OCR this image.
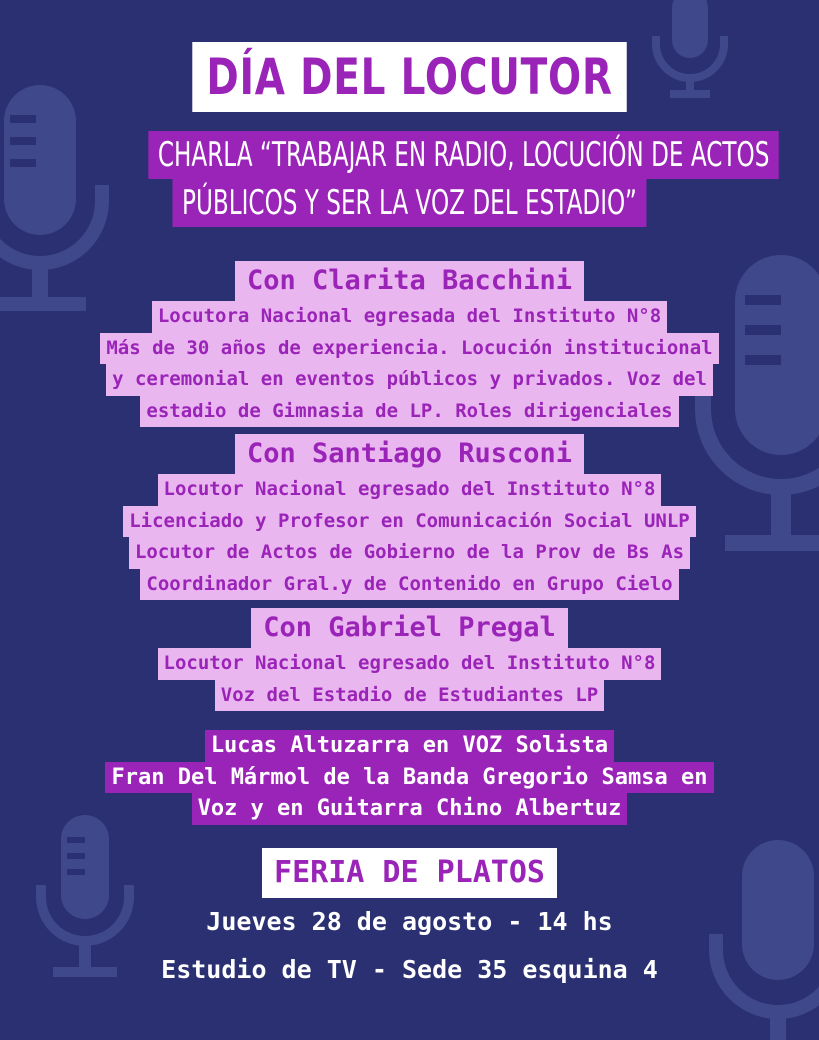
DÍA DEL LOCUTOR
CHARLA “TRABAJAR EN RADIO, LOCUCIÓN DE ACTOS
PÚBLICOS Y SER LA VOZ DEL ESTADIO”
Con Clarita Bacchini
Locutora Nacional egresada del Instituto N°8
Más de 30 años de experiencia. Locución institucional
y ceremonial en eventos públicos y privados. Voz del
estadio de Gimnasia de LP. Roles dirigenciales
Con Santiago Rusconi
Locutor Nacional egresado del Instituto N°8
Licenciado y Profesor en Comunicación Social UNLP
Locutor de Actos de Gobierno de la Prov de Bs As
Coordinador Gral.y de Contenido en Grupo Cielo
Con Gabriel Pregal
Locutor Nacional egresado del Instituto N°8
Voz del Estadio de Estudiantes LP
Lucas Altuzarra en VOZ Solista
Fran Del Mármol de la Banda Gregorio Samsa en
Voz y en Guitarra Chino Albertuz
FERIA DE PLATOS
Jueves 28 de agosto - 14 hs
Estudio de TV - Sede 35 esquina 4
